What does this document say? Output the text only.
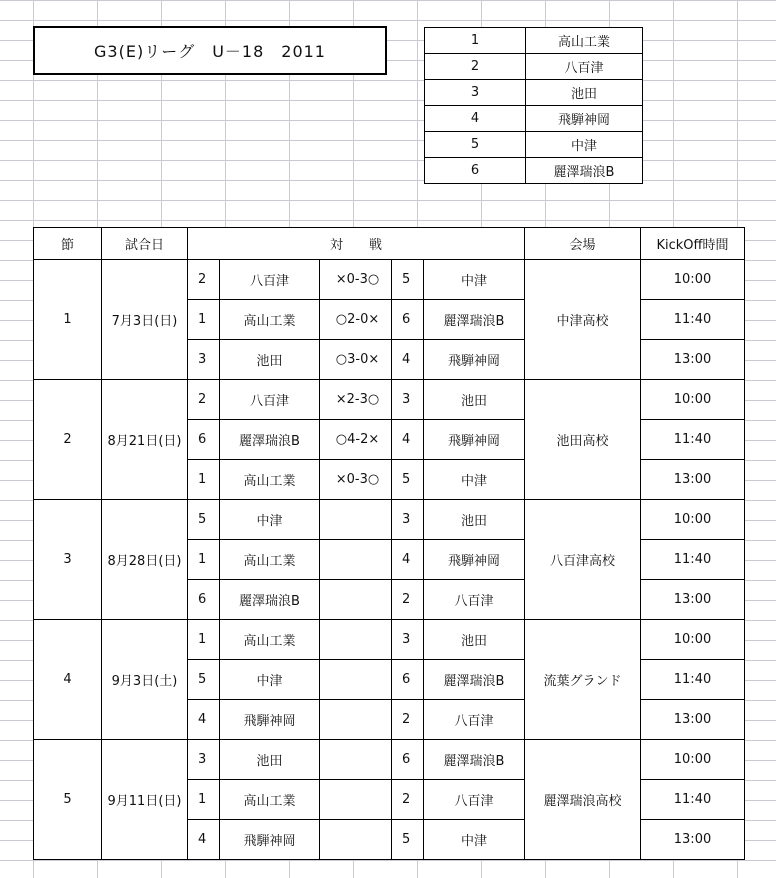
G3(E)リーグ　U－18　2011
1	高山工業
2	八百津
3	池田
4	飛騨神岡
5	中津
6	麗澤瑞浪B
節	試合日	対　　戦					会場	KickOff時間
1	7月3日(日)	2	八百津	×0-3○	5	中津	中津高校	10:00
		1	高山工業	○2-0×	6	麗澤瑞浪B		11:40
		3	池田	○3-0×	4	飛騨神岡		13:00
2	8月21日(日)	2	八百津	×2-3○	3	池田	池田高校	10:00
		6	麗澤瑞浪B	○4-2×	4	飛騨神岡		11:40
		1	高山工業	×0-3○	5	中津		13:00
3	8月28日(日)	5	中津		3	池田	八百津高校	10:00
		1	高山工業		4	飛騨神岡		11:40
		6	麗澤瑞浪B		2	八百津		13:00
4	9月3日(土)	1	高山工業		3	池田	流葉グランド	10:00
		5	中津		6	麗澤瑞浪B		11:40
		4	飛騨神岡		2	八百津		13:00
5	9月11日(日)	3	池田		6	麗澤瑞浪B	麗澤瑞浪高校	10:00
		1	高山工業		2	八百津		11:40
		4	飛騨神岡		5	中津		13:00
